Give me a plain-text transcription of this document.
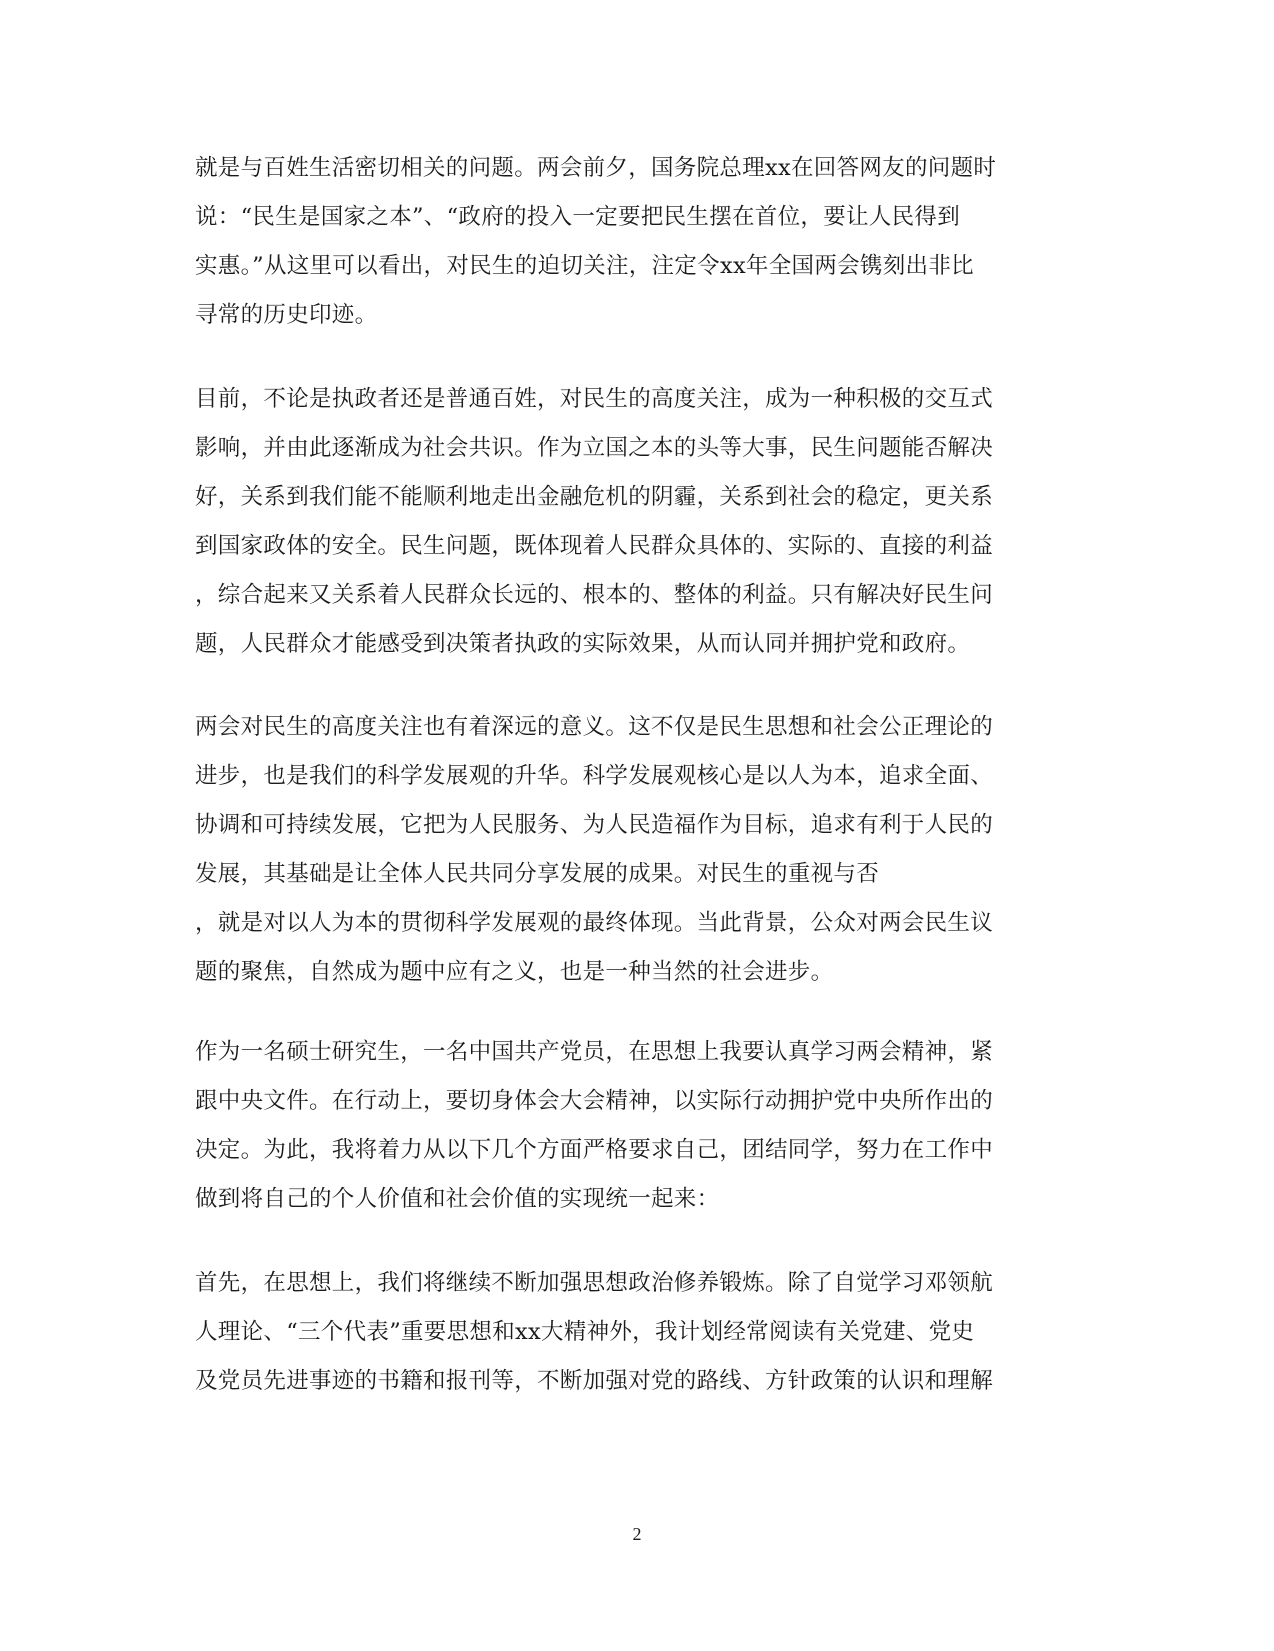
就是与百姓生活密切相关的问题。两会前夕，国务院总理xx在回答网友的问题时
说：“民生是国家之本”、“政府的投入一定要把民生摆在首位，要让人民得到
实惠。”从这里可以看出，对民生的迫切关注，注定令xx年全国两会镌刻出非比
寻常的历史印迹。
目前，不论是执政者还是普通百姓，对民生的高度关注，成为一种积极的交互式
影响，并由此逐渐成为社会共识。作为立国之本的头等大事，民生问题能否解决
好，关系到我们能不能顺利地走出金融危机的阴霾，关系到社会的稳定，更关系
到国家政体的安全。民生问题，既体现着人民群众具体的、实际的、直接的利益
，综合起来又关系着人民群众长远的、根本的、整体的利益。只有解决好民生问
题，人民群众才能感受到决策者执政的实际效果，从而认同并拥护党和政府。
两会对民生的高度关注也有着深远的意义。这不仅是民生思想和社会公正理论的
进步，也是我们的科学发展观的升华。科学发展观核心是以人为本，追求全面、
协调和可持续发展，它把为人民服务、为人民造福作为目标，追求有利于人民的
发展，其基础是让全体人民共同分享发展的成果。对民生的重视与否
，就是对以人为本的贯彻科学发展观的最终体现。当此背景，公众对两会民生议
题的聚焦，自然成为题中应有之义，也是一种当然的社会进步。
作为一名硕士研究生，一名中国共产党员，在思想上我要认真学习两会精神，紧
跟中央文件。在行动上，要切身体会大会精神，以实际行动拥护党中央所作出的
决定。为此，我将着力从以下几个方面严格要求自己，团结同学，努力在工作中
做到将自己的个人价值和社会价值的实现统一起来：
首先，在思想上，我们将继续不断加强思想政治修养锻炼。除了自觉学习邓领航
人理论、“三个代表”重要思想和xx大精神外，我计划经常阅读有关党建、党史
及党员先进事迹的书籍和报刊等，不断加强对党的路线、方针政策的认识和理解
2
